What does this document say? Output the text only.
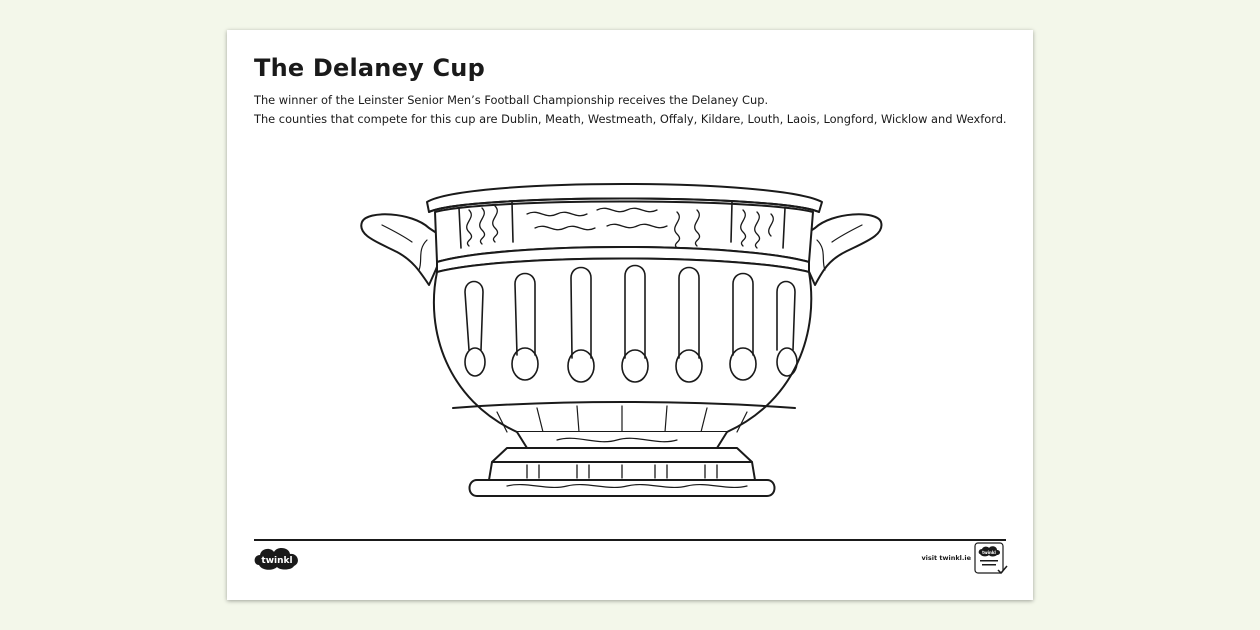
The Delaney Cup

The winner of the Leinster Senior Men’s Football Championship receives the Delaney Cup.

The counties that compete for this cup are Dublin, Meath, Westmeath, Offaly, Kildare, Louth, Laois, Longford, Wicklow and Wexford.

twinkl	visit twinkl.ie
twinkl
